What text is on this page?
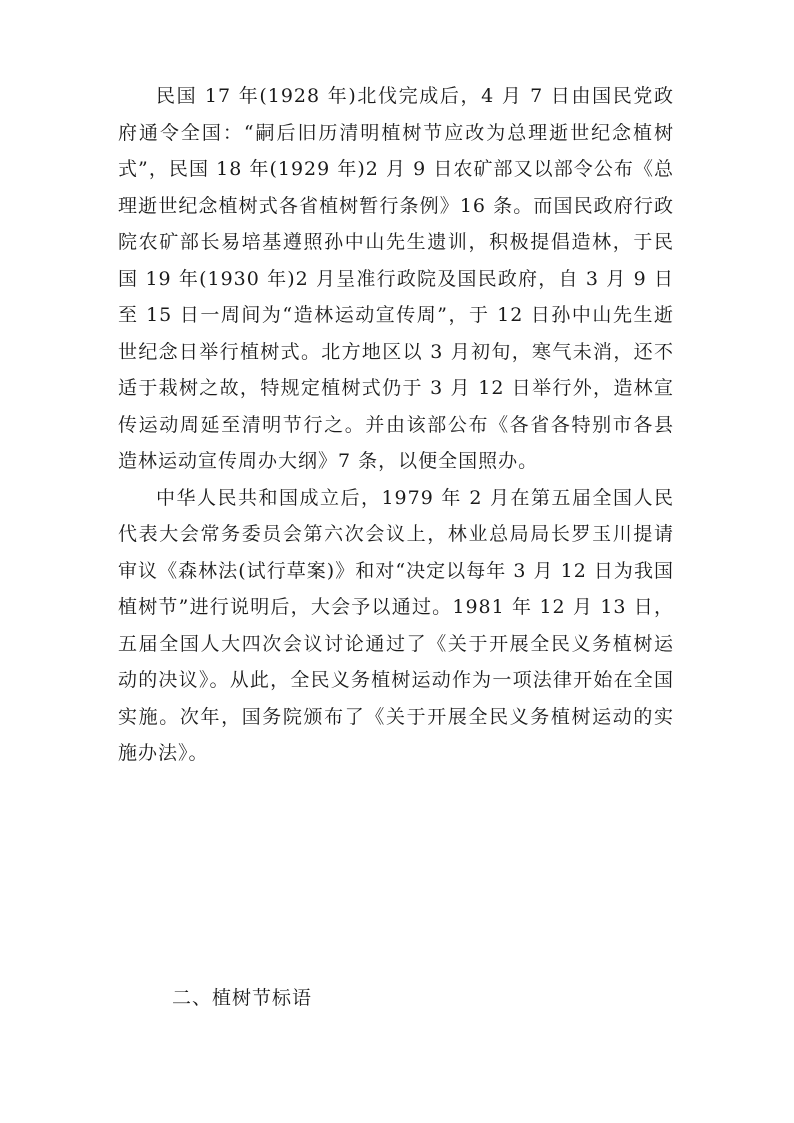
民国 17 年(1928 年)北伐完成后，4 月 7 日由国民党政府通令全国：“嗣后旧历清明植树节应改为总理逝世纪念植树式”，民国 18 年(1929 年)2 月 9 日农矿部又以部令公布《总理逝世纪念植树式各省植树暂行条例》16 条。而国民政府行政院农矿部长易培基遵照孙中山先生遗训，积极提倡造林，于民国 19 年(1930 年)2 月呈准行政院及国民政府，自 3 月 9 日至 15 日一周间为“造林运动宣传周”，于 12 日孙中山先生逝世纪念日举行植树式。北方地区以 3 月初旬，寒气未消，还不适于栽树之故，特规定植树式仍于 3 月 12 日举行外，造林宣传运动周延至清明节行之。并由该部公布《各省各特别市各县造林运动宣传周办大纲》7 条，以便全国照办。

中华人民共和国成立后，1979 年 2 月在第五届全国人民代表大会常务委员会第六次会议上，林业总局局长罗玉川提请审议《森林法(试行草案)》和对“决定以每年 3 月 12 日为我国植树节”进行说明后，大会予以通过。1981 年 12 月 13 日，五届全国人大四次会议讨论通过了《关于开展全民义务植树运动的决议》。从此，全民义务植树运动作为一项法律开始在全国实施。次年，国务院颁布了《关于开展全民义务植树运动的实施办法》。

二、植树节标语
